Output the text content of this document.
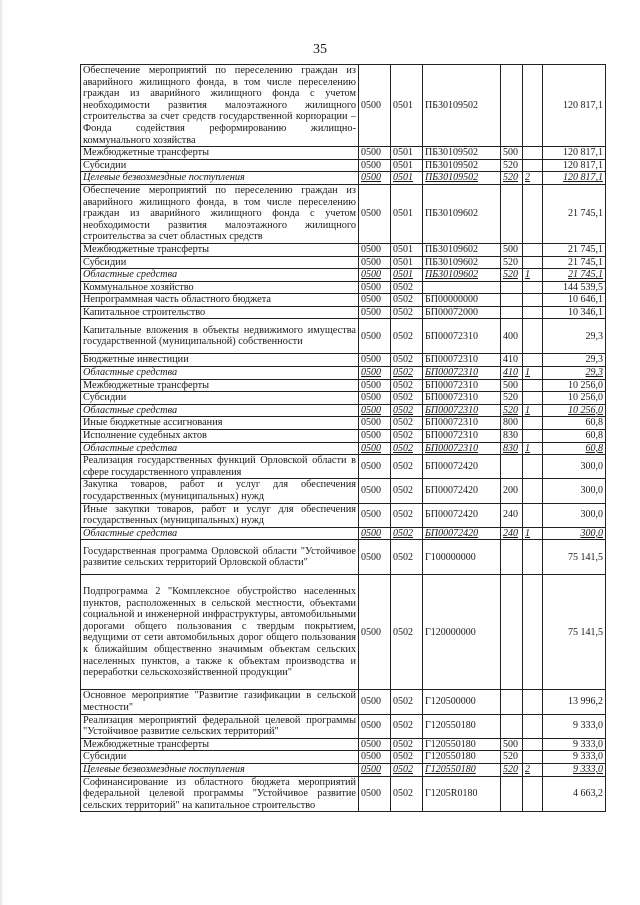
35
Обеспечение мероприятий по переселению граждан из аварийного жилищного фонда, в том числе переселению граждан из аварийного жилищного фонда с учетом необходимости развития малоэтажного жилищного строительства за счет средств государственной корпорации – Фонда содействия реформированию жилищно-коммунального хозяйства	0500	0501	ПБ30109502			120 817,1
Межбюджетные трансферты	0500	0501	ПБ30109502	500		120 817,1
Субсидии	0500	0501	ПБ30109502	520		120 817,1
Целевые безвозмездные поступления	0500	0501	ПБ30109502	520	2	120 817,1
Обеспечение мероприятий по переселению граждан из аварийного жилищного фонда, в том числе переселению граждан из аварийного жилищного фонда с учетом необходимости развития малоэтажного жилищного строительства за счет областных средств	0500	0501	ПБ30109602			21 745,1
Межбюджетные трансферты	0500	0501	ПБ30109602	500		21 745,1
Субсидии	0500	0501	ПБ30109602	520		21 745,1
Областные средства	0500	0501	ПБ30109602	520	1	21 745,1
Коммунальное хозяйство	0500	0502				144 539,5
Непрограммная часть областного бюджета	0500	0502	БП00000000			10 646,1
Капитальное строительство	0500	0502	БП00072000			10 346,1
Капитальные вложения в объекты недвижимого имущества государственной (муниципальной) собственности	0500	0502	БП00072310	400		29,3
Бюджетные инвестиции	0500	0502	БП00072310	410		29,3
Областные средства	0500	0502	БП00072310	410	1	29,3
Межбюджетные трансферты	0500	0502	БП00072310	500		10 256,0
Субсидии	0500	0502	БП00072310	520		10 256,0
Областные средства	0500	0502	БП00072310	520	1	10 256,0
Иные бюджетные ассигнования	0500	0502	БП00072310	800		60,8
Исполнение судебных актов	0500	0502	БП00072310	830		60,8
Областные средства	0500	0502	БП00072310	830	1	60,8
Реализация государственных функций Орловской области в сфере государственного управления	0500	0502	БП00072420			300,0
Закупка товаров, работ и услуг для обеспечения государственных (муниципальных) нужд	0500	0502	БП00072420	200		300,0
Иные закупки товаров, работ и услуг для обеспечения государственных (муниципальных) нужд	0500	0502	БП00072420	240		300,0
Областные средства	0500	0502	БП00072420	240	1	300,0
Государственная программа Орловской области "Устойчивое развитие сельских территорий Орловской области"	0500	0502	Г100000000			75 141,5
Подпрограмма 2 "Комплексное обустройство населенных пунктов, расположенных в сельской местности, объектами социальной и инженерной инфраструктуры, автомобильными дорогами общего пользования с твердым покрытием, ведущими от сети автомобильных дорог общего пользования к ближайшим общественно значимым объектам сельских населенных пунктов, а также к объектам производства и переработки сельскохозяйственной продукции"	0500	0502	Г120000000			75 141,5
Основное мероприятие "Развитие газификации в сельской местности"	0500	0502	Г120500000			13 996,2
Реализация мероприятий федеральной целевой программы "Устойчивое развитие сельских территорий"	0500	0502	Г120550180			9 333,0
Межбюджетные трансферты	0500	0502	Г120550180	500		9 333,0
Субсидии	0500	0502	Г120550180	520		9 333,0
Целевые безвозмездные поступления	0500	0502	Г120550180	520	2	9 333,0
Софинансирование из областного бюджета мероприятий федеральной целевой программы "Устойчивое развитие сельских территорий" на капитальное строительство	0500	0502	Г1205R0180			4 663,2
